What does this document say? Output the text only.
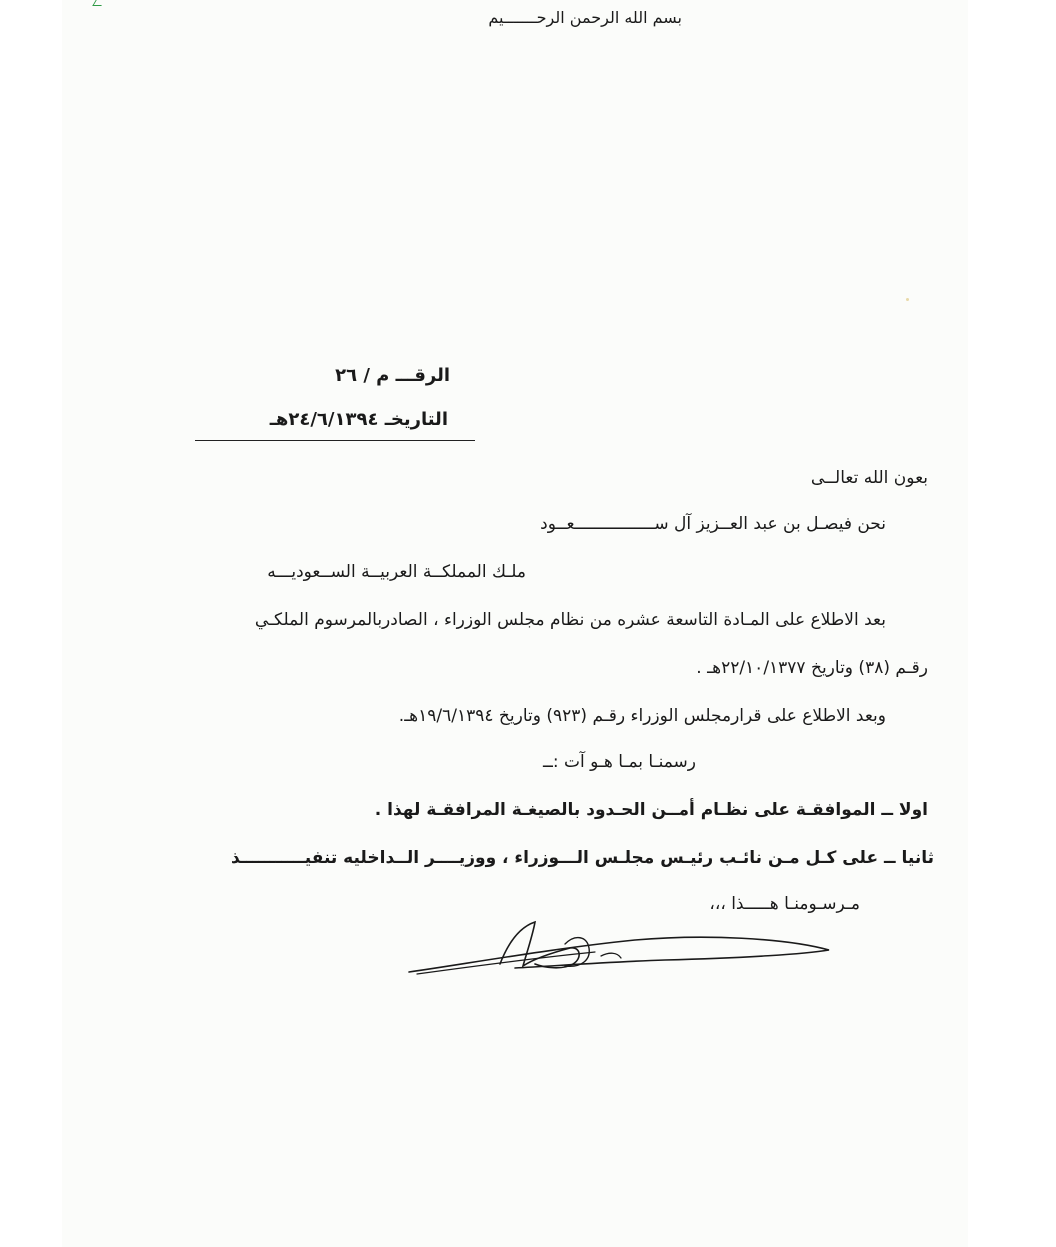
بسم الله الرحمن الرحـــــــيم
الرقـــ م / ٢٦
التاريخـ ٢٤/٦/١٣٩٤هـ
بعون الله تعالــى
نحن فيصـل بن عبد العــزيز آل ســــــــــــــــعــود
ملـك المملكــة العربيــة الســعوديـــه
بعد الاطلاع على المـادة التاسعة عشره من نظام مجلس الوزراء ، الصادربالمرسوم الملكـي
رقـم (٣٨) وتاريخ ٢٢/١٠/١٣٧٧هـ .
وبعد الاطلاع على قرارمجلس الوزراء رقـم (٩٢٣) وتاريخ ١٩/٦/١٣٩٤هـ.
رسمنـا بمـا هـو آت :ــ
اولا ــ الموافقـة على نظـام أمــن الحـدود بالصيغـة المرافقـة لهذا .
ثانيا ــ على كـل مـن نائـب رئيـس مجلـس الـــوزراء ، ووزيــــر الــداخليه تنفيـــــــــــذ
مـرسـومنـا هـــــذا ،،،
